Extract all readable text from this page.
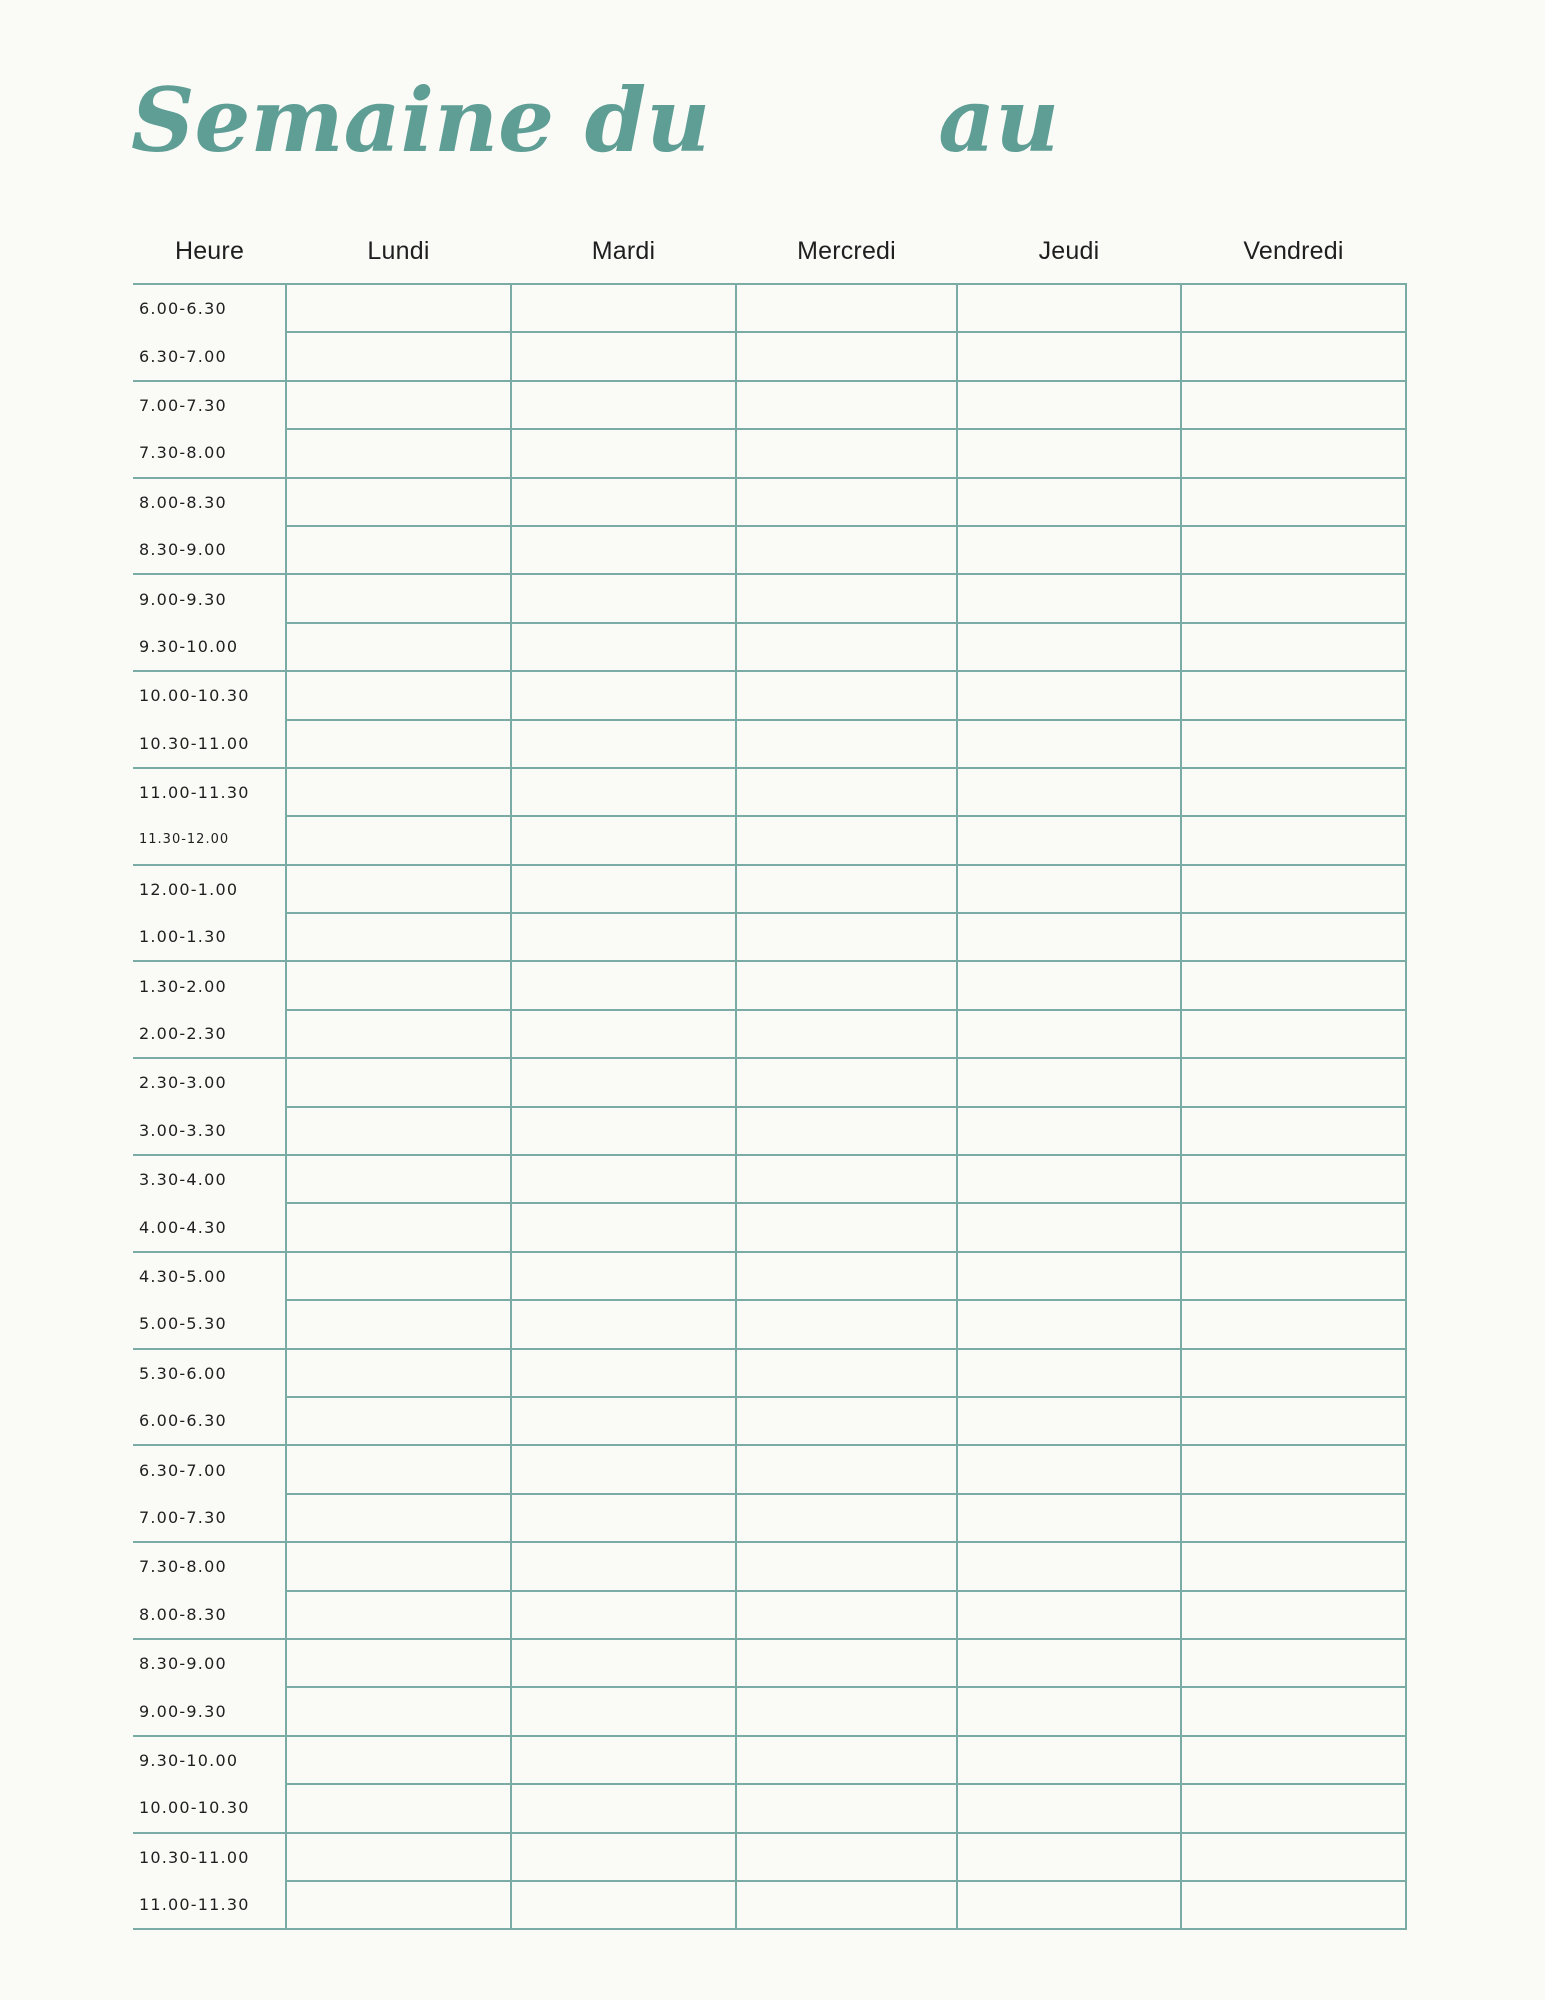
Semaine du	au
Heure	Lundi	Mardi	Mercredi	Jeudi	Vendredi

6.00-6.30
6.30-7.00					

7.00-7.30
7.30-8.00					

8.00-8.30
8.30-9.00					

9.00-9.30
9.30-10.00					

10.00-10.30
10.30-11.00					

11.00-11.30
11.30-12.00					

12.00-1.00
1.00-1.30					

1.30-2.00
2.00-2.30					

2.30-3.00
3.00-3.30					

3.30-4.00
4.00-4.30					

4.30-5.00
5.00-5.30					

5.30-6.00
6.00-6.30					

6.30-7.00
7.00-7.30					

7.30-8.00
8.00-8.30					

8.30-9.00
9.00-9.30					

9.30-10.00
10.00-10.30					

10.30-11.00
11.00-11.30					
